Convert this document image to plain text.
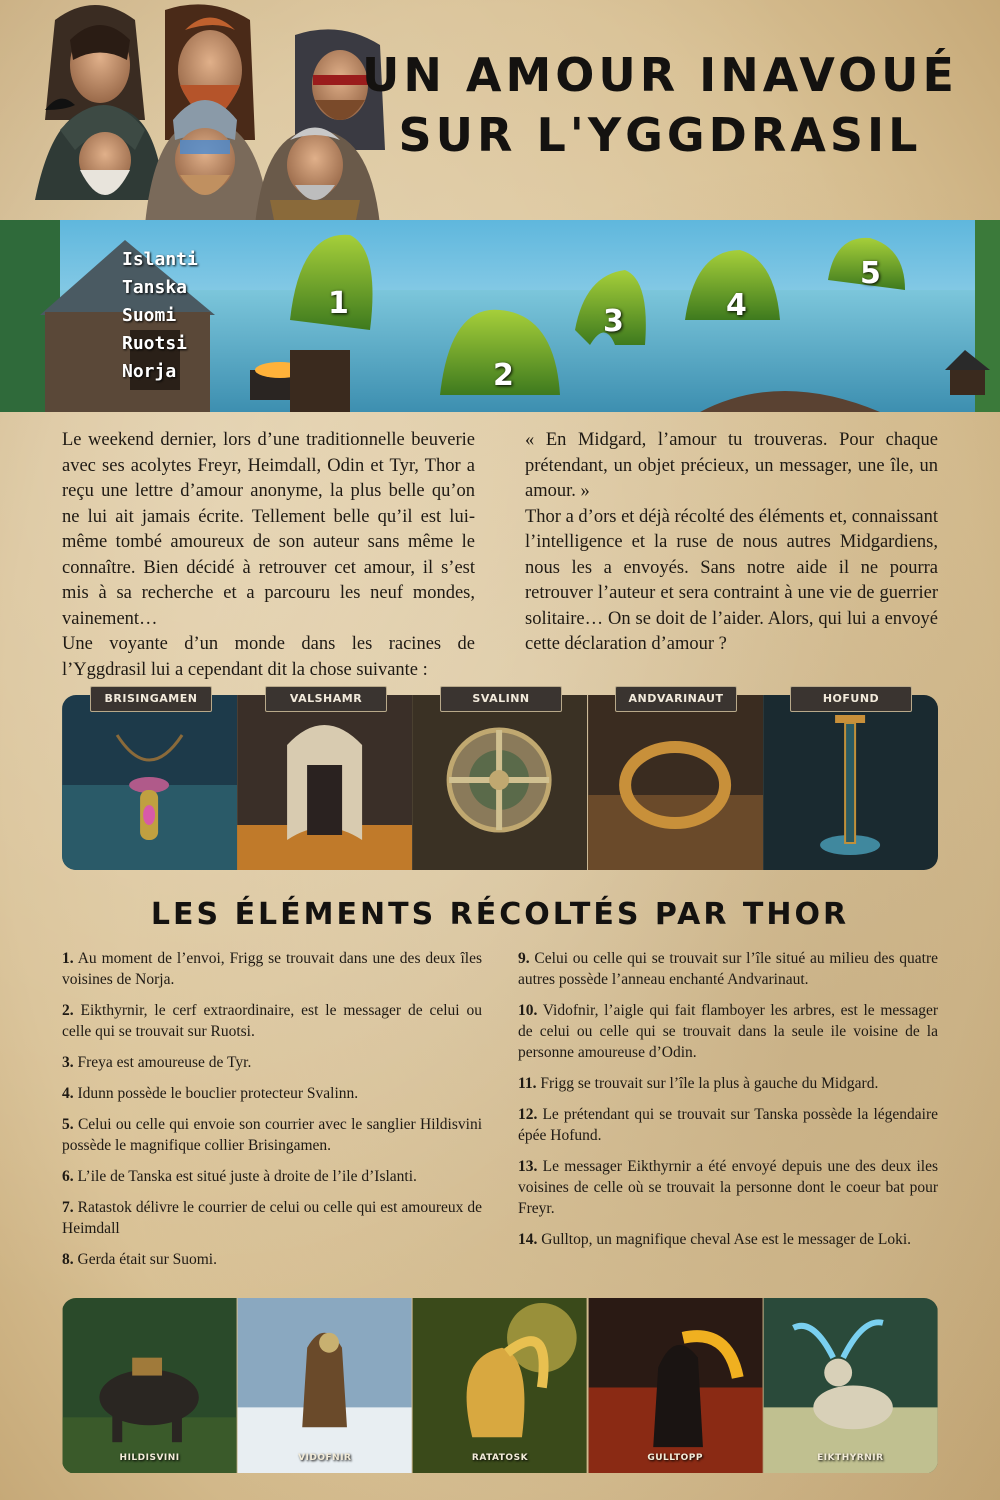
UN AMOUR INAVOUÉ SUR L'YGGDRASIL
Islanti
Tanska
Suomi
Ruotsi
Norja
1
2
3	4
5

Le weekend dernier, lors d’une traditionnelle beuverie avec ses acolytes Freyr, Heimdall, Odin et Tyr, Thor a reçu une lettre d’amour anonyme, la plus belle qu’on ne lui ait jamais écrite. Tellement belle qu’il est lui-même tombé amoureux de son auteur sans même le connaître. Bien décidé à retrouver cet amour, il s’est mis à sa recherche et a parcouru les neuf mondes, vainement…

Une voyante d’un monde dans les racines de l’Yggdrasil lui a cependant dit la chose suivante :

« En Midgard, l’amour tu trouveras. Pour chaque prétendant, un objet précieux, un messager, une île, un amour. »

Thor a d’ors et déjà récolté des éléments et, connaissant l’intelligence et la ruse de nous autres Midgardiens, nous les a envoyés. Sans notre aide il ne pourra retrouver l’auteur et sera contraint à une vie de guerrier solitaire… On se doit de l’aider. Alors, qui lui a envoyé cette déclaration d’amour ?

BRISINGAMEN	VALSHAMR	SVALINN	ANDVARINAUT	HOFUND
LES ÉLÉMENTS RÉCOLTÉS PAR THOR

1. Au moment de l’envoi, Frigg se trouvait dans une des deux îles voisines de Norja.

2. Eikthyrnir, le cerf extraordinaire, est le messager de celui ou celle qui se trouvait sur Ruotsi.

3. Freya est amoureuse de Tyr.

4. Idunn possède le bouclier protecteur Svalinn.

5. Celui ou celle qui envoie son courrier avec le sanglier Hildisvini possède le magnifique collier Brisingamen.

6. L’ile de Tanska est situé juste à droite de l’ile d’Islanti.

7. Ratastok délivre le courrier de celui ou celle qui est amoureux de Heimdall

8. Gerda était sur Suomi.

9. Celui ou celle qui se trouvait sur l’île situé au milieu des quatre autres possède l’anneau enchanté Andvarinaut.

10. Vidofnir, l’aigle qui fait flamboyer les arbres, est le messager de celui ou celle qui se trouvait dans la seule ile voisine de la personne amoureuse d’Odin.

11. Frigg se trouvait sur l’île la plus à gauche du Midgard.

12. Le prétendant qui se trouvait sur Tanska possède la légendaire épée Hofund.

13. Le messager Eikthyrnir a été envoyé depuis une des deux iles voisines de celle où se trouvait la personne dont le coeur bat pour Freyr.

14. Gulltop, un magnifique cheval Ase est le messager de Loki.

HILDISVINI	VIDOFNIR	RATATOSK	GULLTOPP	EIKTHYRNIR
